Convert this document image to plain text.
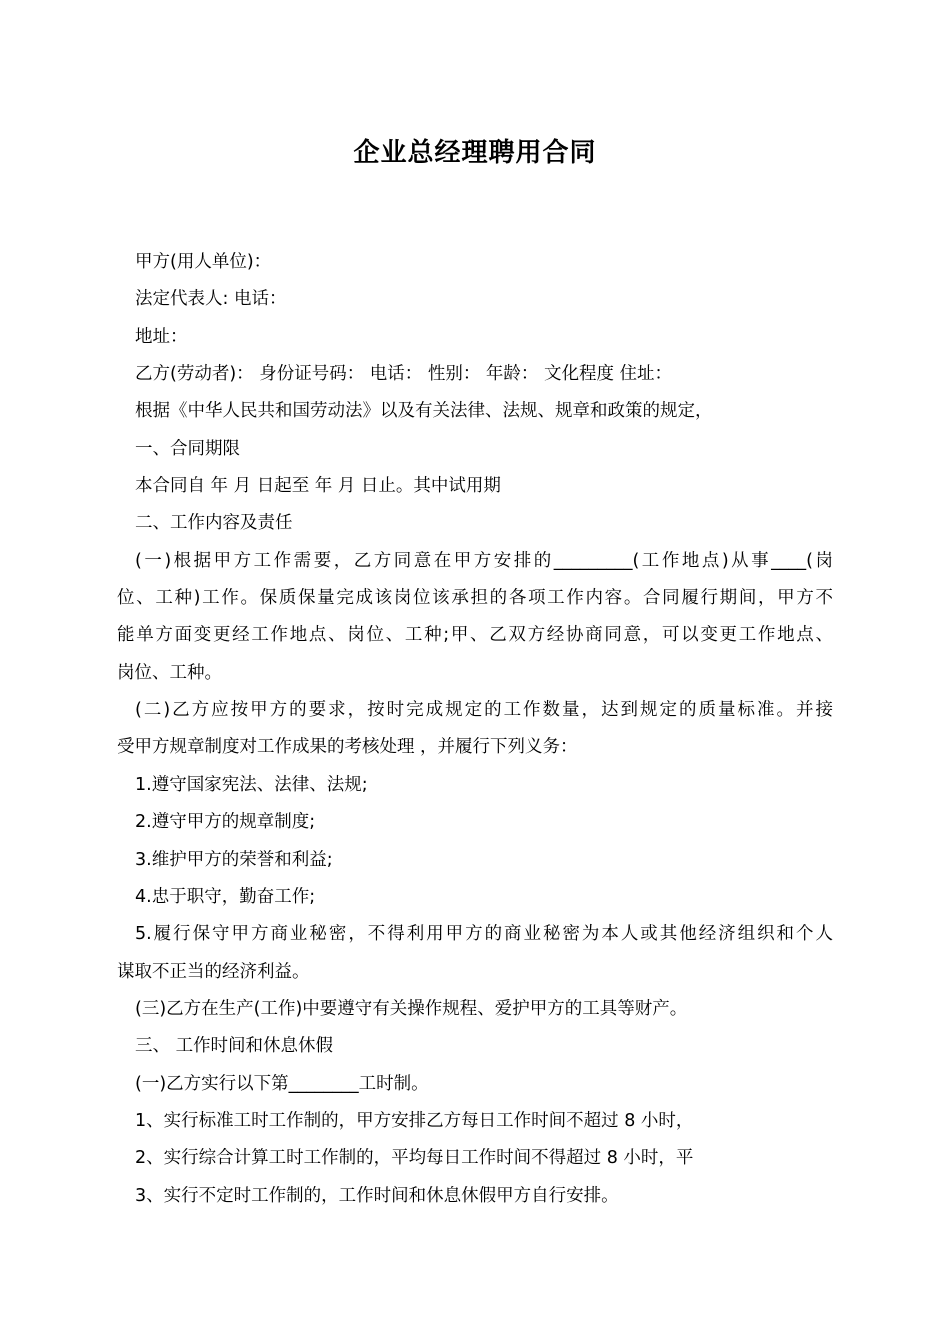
企业总经理聘用合同
甲方(用人单位)：
法定代表人: 电话：
地址：
乙方(劳动者)： 身份证号码： 电话： 性别： 年龄： 文化程度 住址：
根据《中华人民共和国劳动法》以及有关法律、法规、规章和政策的规定，
一、合同期限
本合同自 年 月 日起至 年 月 日止。其中试用期
二、工作内容及责任
(一)根据甲方工作需要，乙方同意在甲方安排的_________(工作地点)从事____(岗
位、工种)工作。保质保量完成该岗位该承担的各项工作内容。合同履行期间，甲方不
能单方面变更经工作地点、岗位、工种;甲、乙双方经协商同意，可以变更工作地点、
岗位、工种。
(二)乙方应按甲方的要求，按时完成规定的工作数量，达到规定的质量标准。并接
受甲方规章制度对工作成果的考核处理 ，并履行下列义务：
1.遵守国家宪法、法律、法规;
2.遵守甲方的规章制度;
3.维护甲方的荣誉和利益;
4.忠于职守，勤奋工作;
5.履行保守甲方商业秘密，不得利用甲方的商业秘密为本人或其他经济组织和个人
谋取不正当的经济利益。
(三)乙方在生产(工作)中要遵守有关操作规程、爱护甲方的工具等财产。
三、 工作时间和休息休假
(一)乙方实行以下第________工时制。
1、实行标准工时工作制的，甲方安排乙方每日工作时间不超过 8 小时，
2、实行综合计算工时工作制的，平均每日工作时间不得超过 8 小时，平
3、实行不定时工作制的，工作时间和休息休假甲方自行安排。
